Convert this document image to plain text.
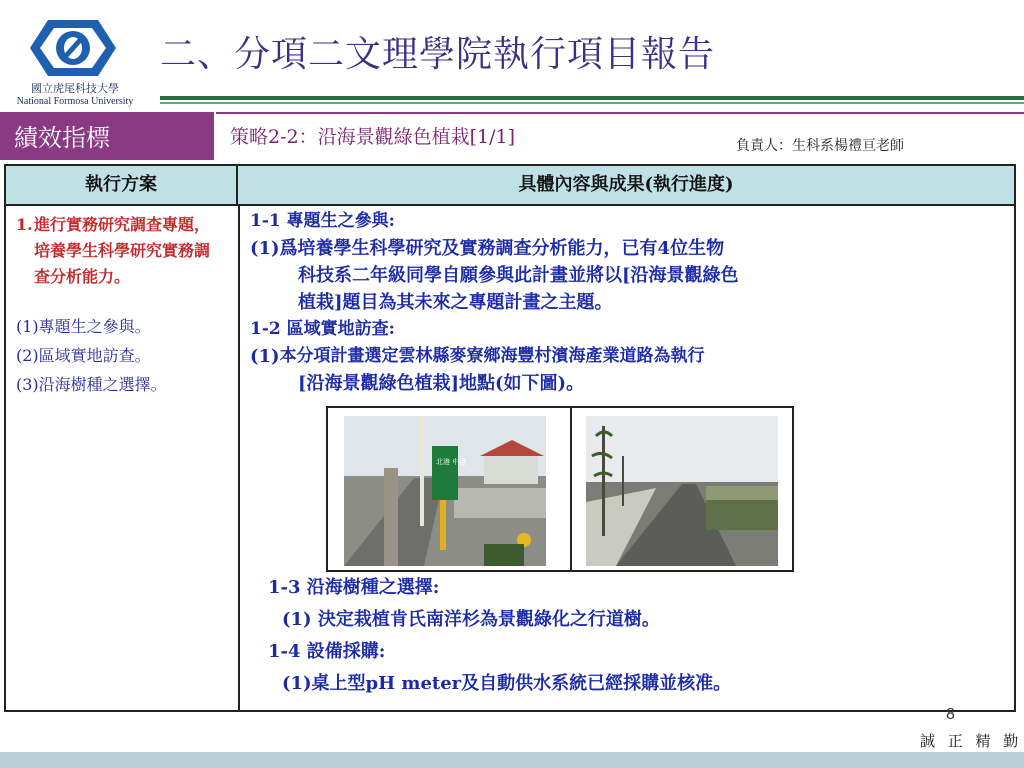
國立虎尾科技大學
National Formosa University
二、分項二文理學院執行項目報告
績效指標	策略2-2：沿海景觀綠色植栽[1/1]	負責人：生科系楊禮亘老師
執行方案	具體內容與成果(執行進度)
1. 進行實務研究調查專題，培養學生科學研究實務調查分析能力。
(1)專題生之參與。
(2)區域實地訪查。
(3)沿海樹種之選擇。
1-1 專題生之參與:
(1) 爲培養學生科學研究及實務調查分析能力，已有4位生物
科技系二年級同學自願參與此計畫並將以[沿海景觀綠色
植栽]題目為其未來之專題計畫之主題。
1-2 區域實地訪查:
(1) 本分項計畫選定雲林縣麥寮鄉海豐村濱海產業道路為執行
[沿海景觀綠色植栽]地點(如下圖)。
北港 中港
1-3 沿海樹種之選擇:
(1) 決定栽植肯氏南洋杉為景觀綠化之行道樹。
1-4 設備採購:
(1)桌上型pH meter及自動供水系統已經採購並核准。
8
誠 正 精 勤
